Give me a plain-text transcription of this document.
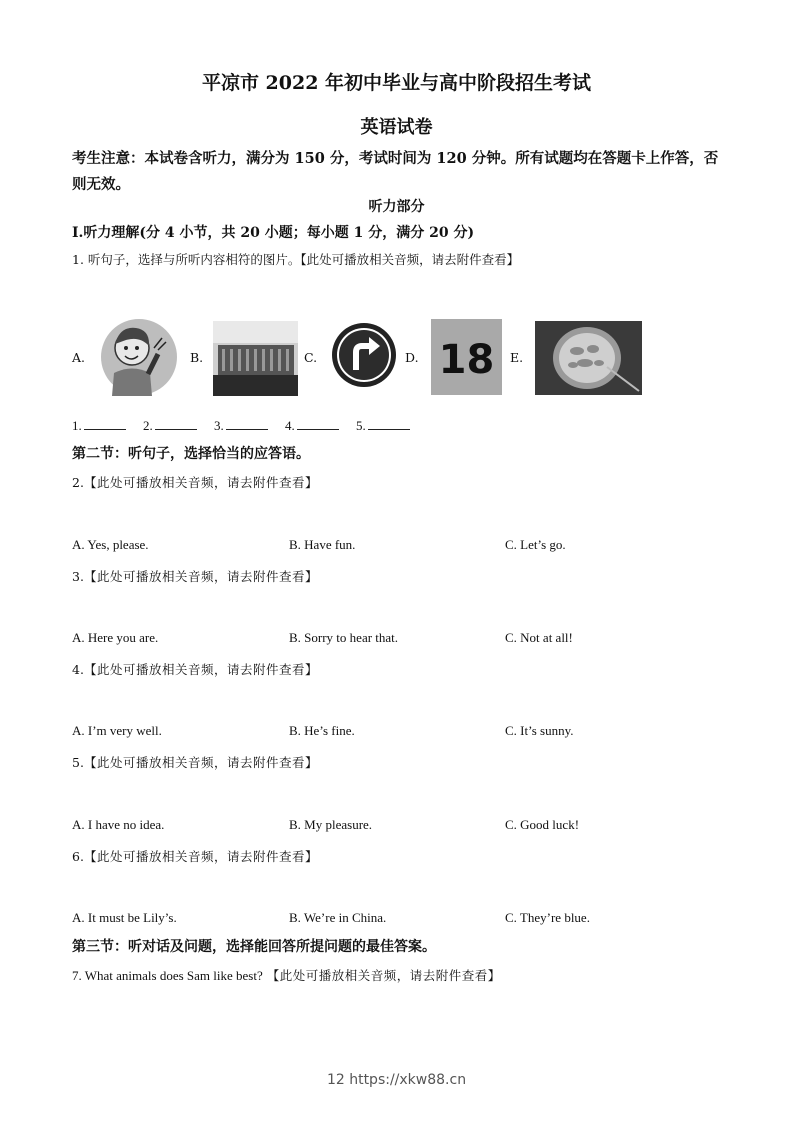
平凉市 2022 年初中毕业与高中阶段招生考试
英语试卷
考生注意：本试卷含听力，满分为 150 分，考试时间为 120 分钟。所有试题均在答题卡上作答，否则无效。
听力部分
I.听力理解(分 4 小节，共 20 小题；每小题 1 分，满分 20 分)
1. 听句子，选择与所听内容相符的图片。【此处可播放相关音频，请去附件查看】
A.	B.	C.	D. 18 E.
1.	2.	3.	4.	5.
第二节：听句子，选择恰当的应答语。
2.【此处可播放相关音频，请去附件查看】
A. Yes, please.	B. Have fun.	C. Let’s go.
3.【此处可播放相关音频，请去附件查看】
A. Here you are.	B. Sorry to hear that.	C. Not at all!
4.【此处可播放相关音频，请去附件查看】
A. I’m very well.	B. He’s fine.	C. It’s sunny.
5.【此处可播放相关音频，请去附件查看】
A. I have no idea.	B. My pleasure.	C. Good luck!
6.【此处可播放相关音频，请去附件查看】
A. It must be Lily’s.	B. We’re in China.	C. They’re blue.
第三节：听对话及问题，选择能回答所提问题的最佳答案。
7. What animals does Sam like best? 【此处可播放相关音频，请去附件查看】
12 https://xkw88.cn
